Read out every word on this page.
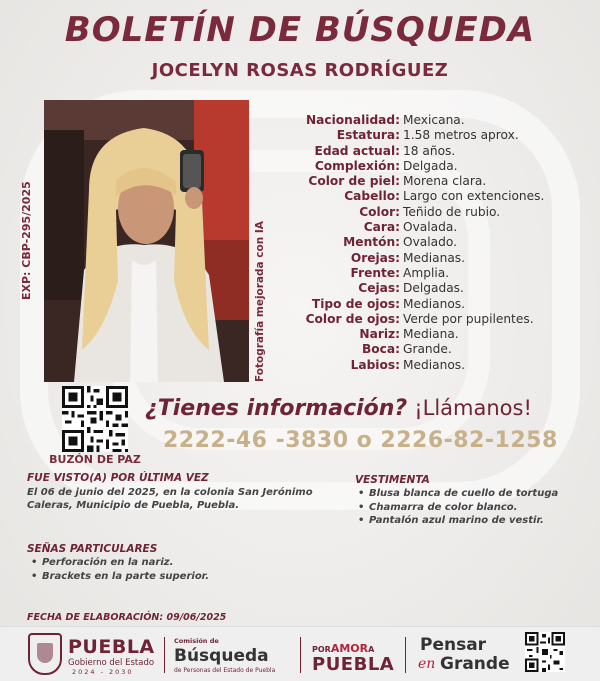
BOLETÍN DE BÚSQUEDA
JOCELYN ROSAS RODRÍGUEZ
EXP: CBP-295/2025	Fotografía mejorada con IA
Nacionalidad: Mexicana.
Estatura: 1.58 metros aprox.
Edad actual: 18 años.
Complexión: Delgada.
Color de piel: Morena clara.
Cabello: Largo con extenciones.
Color: Teñido de rubio.
Cara: Ovalada.
Mentón: Ovalado.
Orejas: Medianas.
Frente: Amplia.
Cejas: Delgadas.
Tipo de ojos: Medianos.
Color de ojos: Verde por pupilentes.
Nariz: Mediana.
Boca: Grande.
Labios: Medianos.
BUZÓN DE PAZ
¿Tienes información? ¡Llámanos!
2222-46 -3830 o 2226-82-1258
FUE VISTO(A) POR ÚLTIMA VEZ
El 06 de junio del 2025, en la colonia San Jerónimo
Caleras, Municipio de Puebla, Puebla.
VESTIMENTA
• Blusa blanca de cuello de tortuga
• Chamarra de color blanco.
• Pantalón azul marino de vestir.
SEÑAS PARTICULARES
• Perforación en la nariz.
• Brackets en la parte superior.
FECHA DE ELABORACIÓN: 09/06/2025
PUEBLA
Gobierno del Estado
2024 - 2030
Comisión de
Búsqueda
de Personas del Estado de Puebla
PORAMORA
PUEBLA
Pensar
en Grande
